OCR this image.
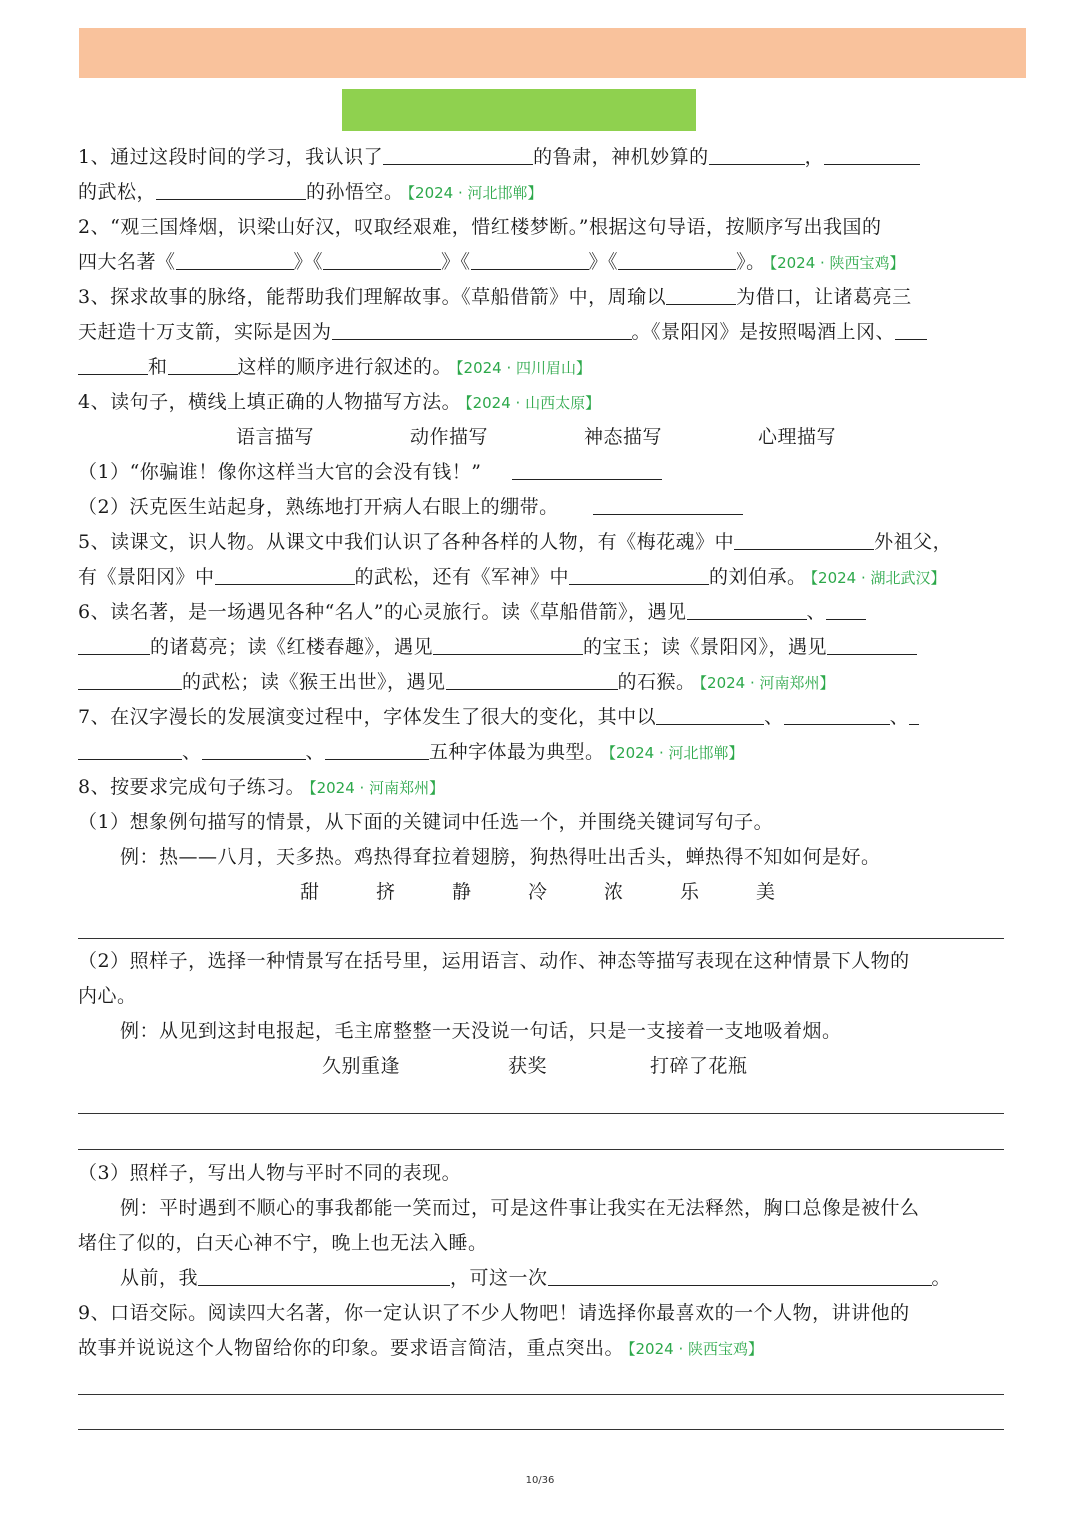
1、通过这段时间的学习，我认识了	的鲁肃，神机妙算的	，
的武松，	的孙悟空。 【2024 · 河北邯郸】
2、“观三国烽烟，识梁山好汉，叹取经艰难，惜红楼梦断。”根据这句导语，按顺序写出我国的
四大名著《	》《	》《	》《	》。 【2024 · 陕西宝鸡】
3、探求故事的脉络，能帮助我们理解故事。《草船借箭》中，周瑜以	为借口，让诸葛亮三
天赶造十万支箭，实际是因为	。《景阳冈》是按照喝酒上冈、
和	这样的顺序进行叙述的。 【2024 · 四川眉山】
4、读句子，横线上填正确的人物描写方法。 【2024 · 山西太原】
语言描写	动作描写	神态描写	心理描写
（1）“你骗谁！像你这样当大官的会没有钱！”
（2）沃克医生站起身，熟练地打开病人右眼上的绷带。
5、读课文，识人物。从课文中我们认识了各种各样的人物，有《梅花魂》中	外祖父，
有《景阳冈》中	的武松，还有《军神》中	的刘伯承。 【2024 · 湖北武汉】
6、读名著，是一场遇见各种“名人”的心灵旅行。读《草船借箭》，遇见	、
的诸葛亮；读《红楼春趣》，遇见	的宝玉；读《景阳冈》，遇见
的武松；读《猴王出世》，遇见	的石猴。 【2024 · 河南郑州】
7、在汉字漫长的发展演变过程中，字体发生了很大的变化，其中以	、	、
、	、	五种字体最为典型。 【2024 · 河北邯郸】
8、按要求完成句子练习。 【2024 · 河南郑州】
（1）想象例句描写的情景，从下面的关键词中任选一个，并围绕关键词写句子。
例：热——八月，天多热。鸡热得耷拉着翅膀，狗热得吐出舌头，蝉热得不知如何是好。
甜	挤	静	冷	浓	乐	美
（2）照样子，选择一种情景写在括号里，运用语言、动作、神态等描写表现在这种情景下人物的
内心。
例：从见到这封电报起，毛主席整整一天没说一句话，只是一支接着一支地吸着烟。
久别重逢	获奖	打碎了花瓶
（3）照样子，写出人物与平时不同的表现。
例：平时遇到不顺心的事我都能一笑而过，可是这件事让我实在无法释然，胸口总像是被什么
堵住了似的，白天心神不宁，晚上也无法入睡。
从前，我	，可这一次	。
9、口语交际。阅读四大名著，你一定认识了不少人物吧！请选择你最喜欢的一个人物，讲讲他的
故事并说说这个人物留给你的印象。要求语言简洁，重点突出。 【2024 · 陕西宝鸡】
10/36
